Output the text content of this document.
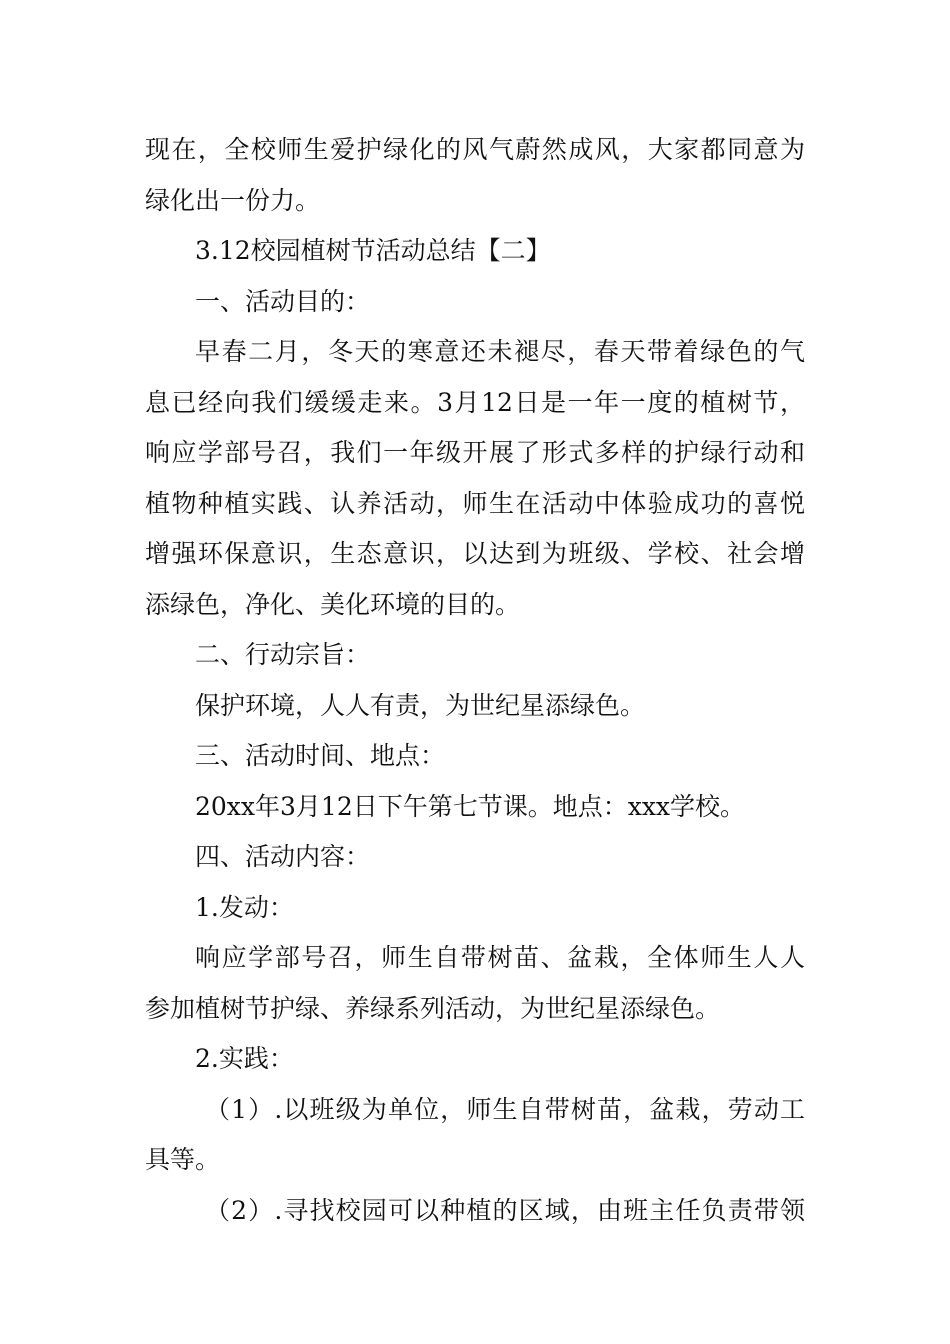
现在，全校师生爱护绿化的风气蔚然成风，大家都同意为
绿化出一份力。
3.12校园植树节活动总结【二】
一、活动目的：
早春二月，冬天的寒意还未褪尽，春天带着绿色的气
息已经向我们缓缓走来。3月12日是一年一度的植树节，
响应学部号召，我们一年级开展了形式多样的护绿行动和
植物种植实践、认养活动，师生在活动中体验成功的喜悦
增强环保意识，生态意识，以达到为班级、学校、社会增
添绿色，净化、美化环境的目的。
二、行动宗旨：
保护环境，人人有责，为世纪星添绿色。
三、活动时间、地点：
20xx年3月12日下午第七节课。地点：xxx学校。
四、活动内容：
1.发动：
响应学部号召，师生自带树苗、盆栽，全体师生人人
参加植树节护绿、养绿系列活动，为世纪星添绿色。
2.实践：
（1）.以班级为单位，师生自带树苗，盆栽，劳动工
具等。
（2）.寻找校园可以种植的区域，由班主任负责带领
